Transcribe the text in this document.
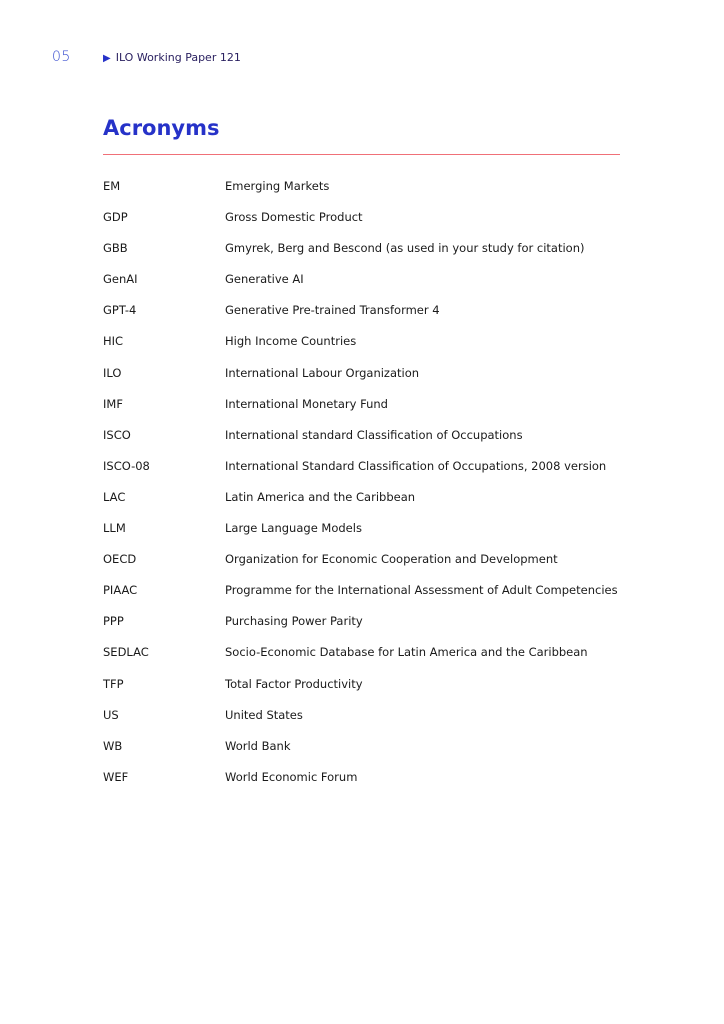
05	▶ ILO Working Paper 121
Acronyms
EM	Emerging Markets
GDP	Gross Domestic Product
GBB	Gmyrek, Berg and Bescond (as used in your study for citation)
GenAI	Generative AI
GPT-4	Generative Pre-trained Transformer 4
HIC	High Income Countries
ILO	International Labour Organization
IMF	International Monetary Fund
ISCO	International standard Classification of Occupations
ISCO-08	International Standard Classification of Occupations, 2008 version
LAC	Latin America and the Caribbean
LLM	Large Language Models
OECD	Organization for Economic Cooperation and Development
PIAAC	Programme for the International Assessment of Adult Competencies
PPP	Purchasing Power Parity
SEDLAC	Socio-Economic Database for Latin America and the Caribbean
TFP	Total Factor Productivity
US	United States
WB	World Bank
WEF	World Economic Forum
